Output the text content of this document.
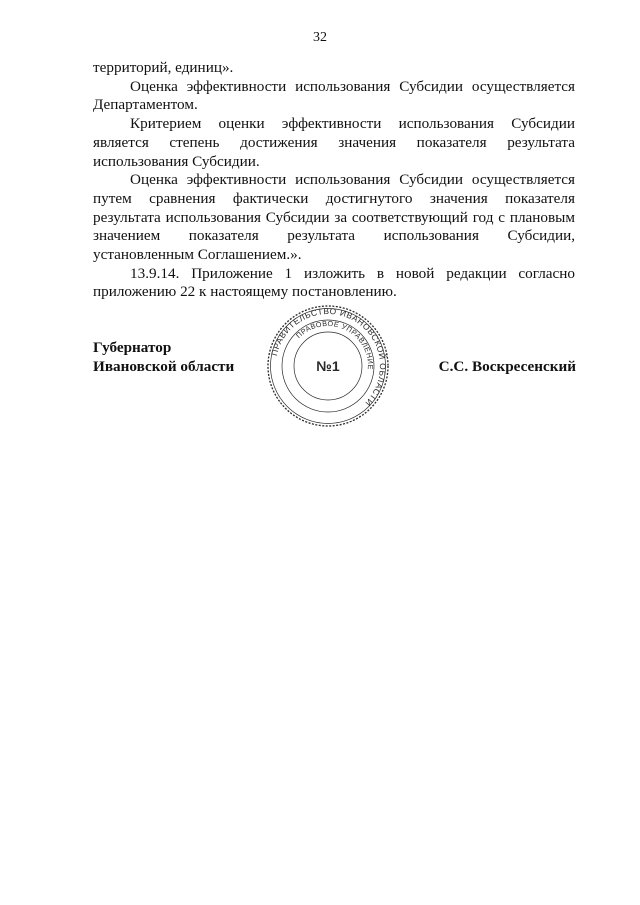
32

территорий, единиц».

Оценка эффективности использования Субсидии осуществляется Департаментом.

Критерием оценки эффективности использования Субсидии является степень достижения значения показателя результата использования Субсидии.

Оценка эффективности использования Субсидии осуществляется путем сравнения фактически достигнутого значения показателя результата использования Субсидии за соответствующий год с плановым значением показателя результата использования Субсидии, установленным Соглашением.».

13.9.14. Приложение 1 изложить в новой редакции согласно приложению 22 к настоящему постановлению.

Губернатор
Ивановской области	С.С. Воскресенский
ПРАВИТЕЛЬСТВО ИВАНОВСКОЙ ОБЛАСТИ
ПРАВОВОЕ УПРАВЛЕНИЕ
№1
